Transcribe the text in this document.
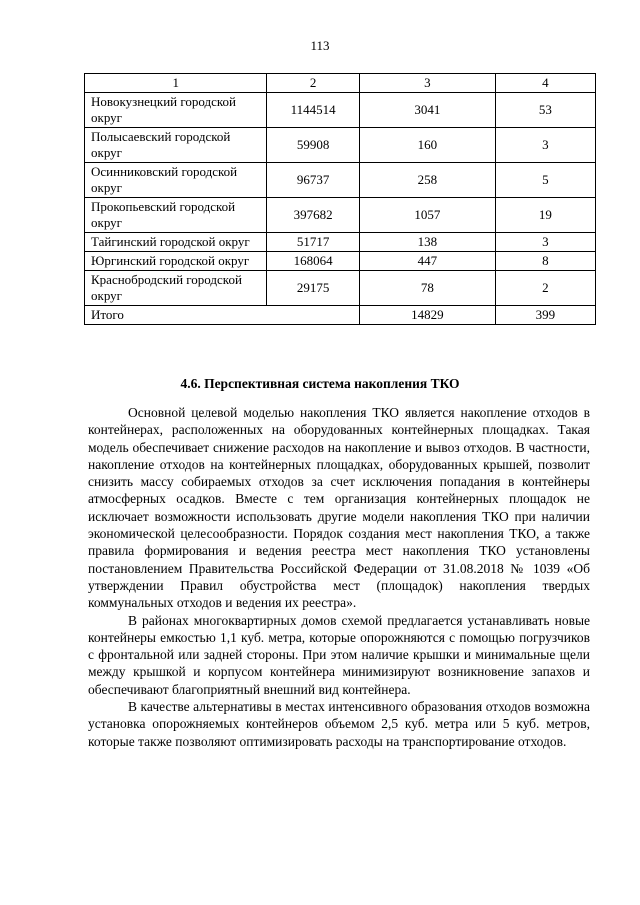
113
1	2	3	4
Новокузнецкий городской округ	1144514	3041	53
Полысаевский городской округ	59908	160	3
Осинниковский городской округ	96737	258	5
Прокопьевский городской округ	397682	1057	19
Тайгинский городской округ	51717	138	3
Юргинский городской округ	168064	447	8
Краснобродский городской округ	29175	78	2
Итого		14829	399
4.6. Перспективная система накопления ТКО

Основной целевой моделью накопления ТКО является накопление отходов в контейнерах, расположенных на оборудованных контейнерных площадках. Такая модель обеспечивает снижение расходов на накопление и вывоз отходов. В частности, накопление отходов на контейнерных площадках, оборудованных крышей, позволит снизить массу собираемых отходов за счет исключения попадания в контейнеры атмосферных осадков. Вместе с тем организация контейнерных площадок не исключает возможности использовать другие модели накопления ТКО при наличии экономической целесообразности. Порядок создания мест накопления ТКО, а также правила формирования и ведения реестра мест накопления ТКО установлены постановлением Правительства Российской Федерации от 31.08.2018 № 1039 «Об утверждении Правил обустройства мест (площадок) накопления твердых коммунальных отходов и ведения их реестра».

В районах многоквартирных домов схемой предлагается устанавливать новые контейнеры емкостью 1,1 куб. метра, которые опорожняются с помощью погрузчиков с фронтальной или задней стороны. При этом наличие крышки и минимальные щели между крышкой и корпусом контейнера минимизируют возникновение запахов и обеспечивают благоприятный внешний вид контейнера.

В качестве альтернативы в местах интенсивного образования отходов возможна установка опорожняемых контейнеров объемом 2,5 куб. метра или 5 куб. метров, которые также позволяют оптимизировать расходы на транспортирование отходов.
